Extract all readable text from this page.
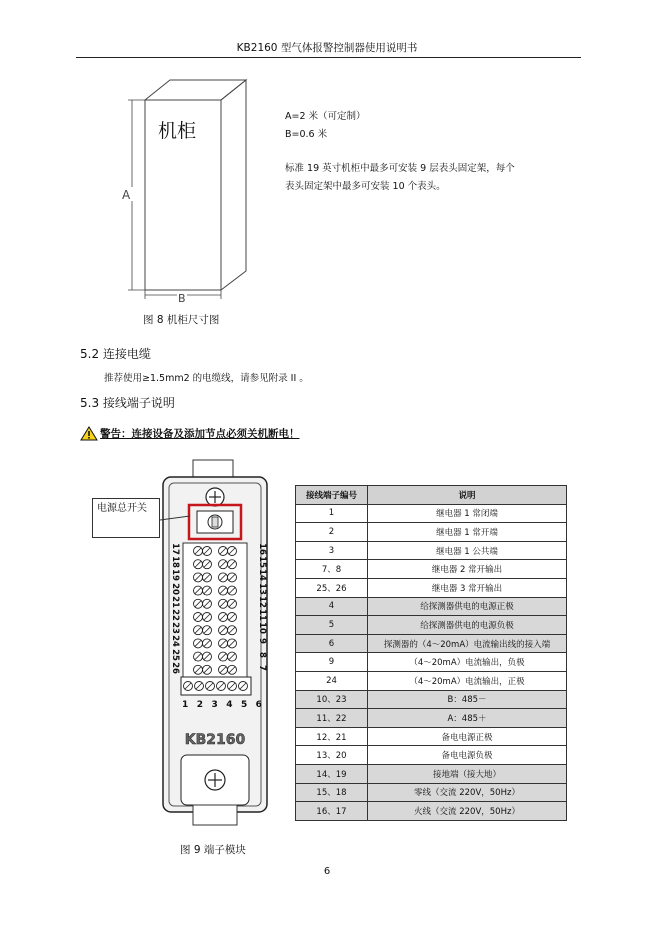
KB2160 型气体报警控制器使用说明书
A
B
机柜
A=2 米（可定制）
B=0.6 米
标准 19 英寸机柜中最多可安装 9 层表头固定架，每个
表头固定架中最多可安装 10 个表头。
图 8 机柜尺寸图
5.2 连接电缆
推荐使用≥1.5mm2 的电缆线，请参见附录 II 。
5.3 接线端子说明
警告：连接设备及添加节点必须关机断电！
KB2160
17
18
19
20
21
22
23
24
25
26
16
15
14
13
12
11
10
9
8
7
1 2 3 4 5 6
电源总开关
图 9 端子模块
接线端子编号	说明
1	继电器 1 常闭端
2	继电器 1 常开端
3	继电器 1 公共端
7、8	继电器 2 常开输出
25、26	继电器 3 常开输出
4	给探测器供电的电源正极
5	给探测器供电的电源负极
6	探测器的（4～20mA）电流输出线的接入端
9	（4～20mA）电流输出，负极
24	（4～20mA）电流输出，正极
10、23	B：485－
11、22	A：485＋
12、21	备电电源正极
13、20	备电电源负极
14、19	接地端（接大地）
15、18	零线（交流 220V，50Hz）
16、17	火线（交流 220V，50Hz）
6
